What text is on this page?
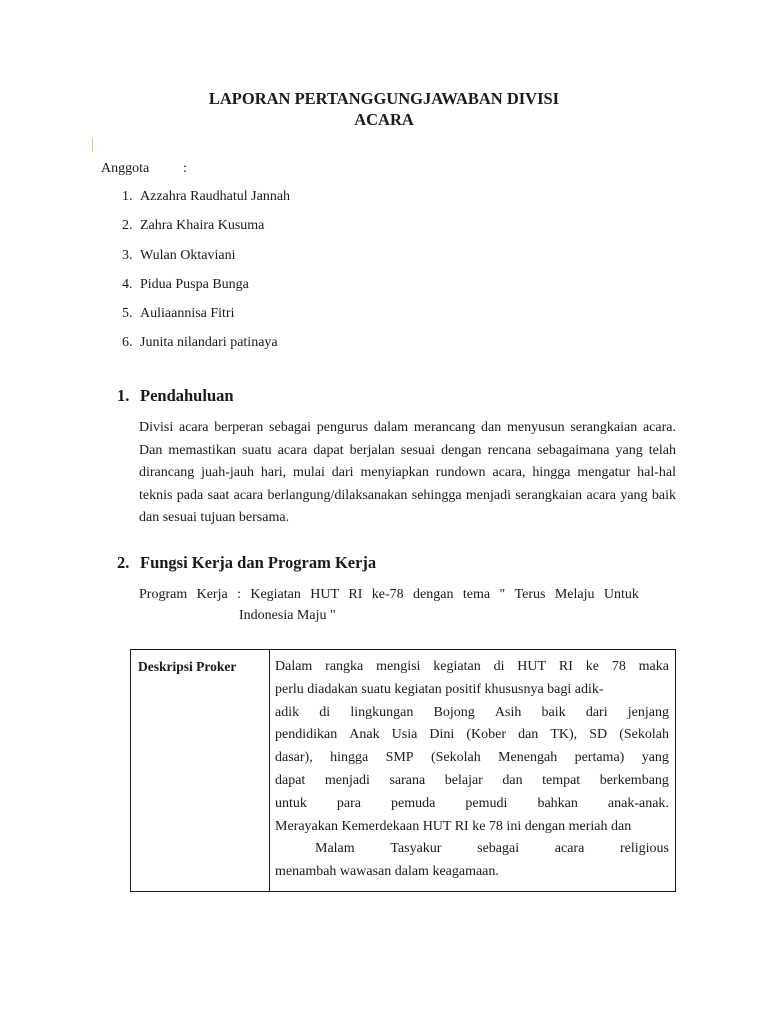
LAPORAN PERTANGGUNGJAWABAN DIVISI
ACARA
Anggota :
1. Azzahra Raudhatul Jannah
2. Zahra Khaira Kusuma
3. Wulan Oktaviani
4. Pidua Puspa Bunga
5. Auliaannisa Fitri
6. Junita nilandari patinaya
1. Pendahuluan
Divisi acara berperan sebagai pengurus dalam merancang dan menyusun serangkaian acara. Dan memastikan suatu acara dapat berjalan sesuai dengan rencana sebagaimana yang telah dirancang juah-jauh hari, mulai dari menyiapkan rundown acara, hingga mengatur hal-hal teknis pada saat acara berlangung/dilaksanakan sehingga menjadi serangkaian acara yang baik dan sesuai tujuan bersama.
2. Fungsi Kerja dan Program Kerja
Program Kerja : Kegiatan HUT RI ke-78 dengan tema " Terus Melaju Untuk
Indonesia Maju "
Deskripsi Proker	Dalam rangka mengisi kegiatan di HUT RI ke 78 maka
perlu diadakan suatu kegiatan positif khususnya bagi adik-
adik di lingkungan Bojong Asih baik dari jenjang
pendidikan Anak Usia Dini (Kober dan TK), SD (Sekolah
dasar), hingga SMP (Sekolah Menengah pertama) yang
dapat menjadi sarana belajar dan tempat berkembang
untuk para pemuda pemudi bahkan anak-anak.
Merayakan Kemerdekaan HUT RI ke 78 ini dengan meriah dan
Malam	Tasyakur	sebagai	acara	religious
menambah wawasan dalam keagamaan.
